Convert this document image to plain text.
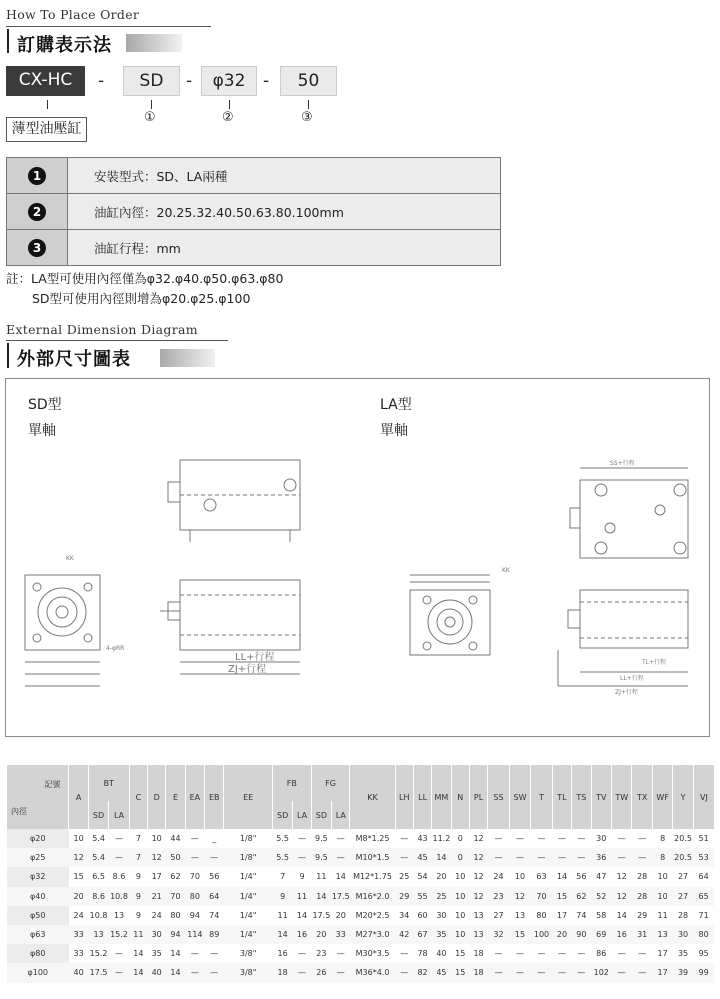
How To Place Order
訂購表示法
CX-HC	-	SD	-	φ32	-	50
①	②	③
薄型油壓缸
1	安裝型式：SD、LA兩種
2	油缸內徑：20.25.32.40.50.63.80.100mm
3	油缸行程：mm
註：LA型可使用內徑僅為φ32.φ40.φ50.φ63.φ80
SD型可使用內徑則增為φ20.φ25.φ100
External Dimension Diagram
外部尺寸圖表
SD型
單軸
LA型
單軸
LL+行程
ZJ+行程
KK
4-φRR
SS+行程
TL+行程
LL+行程
ZJ+行程
KK
記號
內徑	A	BT		C	D	E	EA	EB	EE	FB		FG		KK	LH	LL	MM	N	PL	SS	SW	T	TL	TS	TV	TW	TX	WF	Y	VJ
		SD	LA							SD	LA	SD	LA																	
φ20	10	5.4	—	7	10	44	—	_	1/8"	5.5	—	9.5	—	M8*1.25	—	43	11.2	0	12	—	—	—	—	—	30	—	—	8	20.5	51
φ25	12	5.4	—	7	12	50	—	—	1/8"	5.5	—	9.5	—	M10*1.5	—	45	14	0	12	—	—	—	—	—	36	—	—	8	20.5	53
φ32	15	6.5	8.6	9	17	62	70	56	1/4"	7	9	11	14	M12*1.75	25	54	20	10	12	24	10	63	14	56	47	12	28	10	27	64
φ40	20	8.6	10.8	9	21	70	80	64	1/4"	9	11	14	17.5	M16*2.0	29	55	25	10	12	23	12	70	15	62	52	12	28	10	27	65
φ50	24	10.8	13	9	24	80	94	74	1/4"	11	14	17.5	20	M20*2.5	34	60	30	10	13	27	13	80	17	74	58	14	29	11	28	71
φ63	33	13	15.2	11	30	94	114	89	1/4"	14	16	20	33	M27*3.0	42	67	35	10	13	32	15	100	20	90	69	16	31	13	30	80
φ80	33	15.2	—	14	35	14	—	—	3/8"	16	—	23	—	M30*3.5	—	78	40	15	18	—	—	—	—	—	86	—	—	17	35	95
φ100	40	17.5	—	14	40	14	—	—	3/8"	18	—	26	—	M36*4.0	—	82	45	15	18	—	—	—	—	—	102	—	—	17	39	99
